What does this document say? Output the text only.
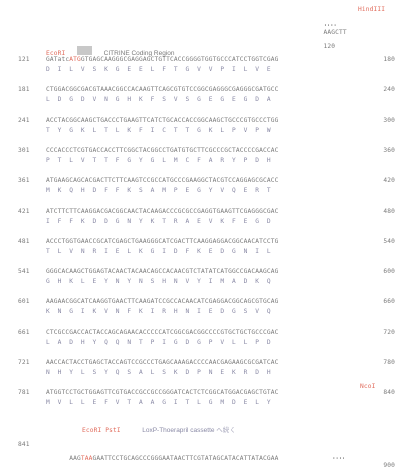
HindIII

····
AAGCTT

120

EcoRI	CITRINE Coding Region
121	GATatcATGGTGAGCAAGGGCGAGGAGCTGTTCACCGGGGTGGTGCCCATCCTGGTCGAG	180
D  I  L  V  S  K  G  E  E  L  F  T  G  V  V  P  I  L  V  E
181	CTGGACGGCGACGTAAACGGCCACAAGTTCAGCGTGTCCGGCGAGGGCGAGGGCGATGCC	240
L  D  G  D  V  N  G  H  K  F  S  V  S  G  E  G  E  G  D  A
241	ACCTACGGCAAGCTGACCCTGAAGTTCATCTGCACCACCGGCAAGCTGCCCGTGCCCTGG	300
T  Y  G  K  L  T  L  K  F  I  C  T  T  G  K  L  P  V  P  W
301	CCCACCCTCGTGACCACCTTCGGCTACGGCCTGATGTGCTTCGCCCGCTACCCCGACCAC	360
P  T  L  V  T  T  F  G  Y  G  L  M  C  F  A  R  Y  P  D  H
361	ATGAAGCAGCACGACTTCTTCAAGTCCGCCATGCCCGAAGGCTACGTCCAGGAGCGCACC	420
M  K  Q  H  D  F  F  K  S  A  M  P  E  G  Y  V  Q  E  R  T
421	ATCTTCTTCAAGGACGACGGCAACTACAAGACCCGCGCCGAGGTGAAGTTCGAGGGCGAC	480
I  F  F  K  D  D  G  N  Y  K  T  R  A  E  V  K  F  E  G  D
481	ACCCTGGTGAACCGCATCGAGCTGAAGGGCATCGACTTCAAGGAGGACGGCAACATCCTG	540
T  L  V  N  R  I  E  L  K  G  I  D  F  K  E  D  G  N  I  L
541	GGGCACAAGCTGGAGTACAACTACAACAGCCACAACGTCTATATCATGGCCGACAAGCAG	600
G  H  K  L  E  Y  N  Y  N  S  H  N  V  Y  I  M  A  D  K  Q
601	AAGAACGGCATCAAGGTGAACTTCAAGATCCGCCACAACATCGAGGACGGCAGCGTGCAG	660
K  N  G  I  K  V  N  F  K  I  R  H  N  I  E  D  G  S  V  Q
661	CTCGCCGACCACTACCAGCAGAACACCCCCATCGGCGACGGCCCCGTGCTGCTGCCCGAC	720
L  A  D  H  Y  Q  Q  N  T  P  I  G  D  G  P  V  L  L  P  D
721	AACCACTACCTGAGCTACCAGTCCGCCCTGAGCAAAGACCCCAACGAGAAGCGCGATCAC	780
N  H  Y  L  S  Y  Q  S  A  L  S  K  D  P  N  E  K  R  D  H
781	ATGGTCCTGCTGGAGTTCGTGACCGCCGCCGGGATCACTCTCGGCATGGACGAGCTGTAC	840
M  V  L  L  E  F  V  T  A  A  G  I  T  L  G  M  D  E  L  Y
NcoI
EcoRI PstI	LoxP-Thoerapril cassette へ続く

841

AAGTAAGAATTCCTGCAGCCCGGGAATAACTTCGTATAGCATACATTATACGAA

	····

900
